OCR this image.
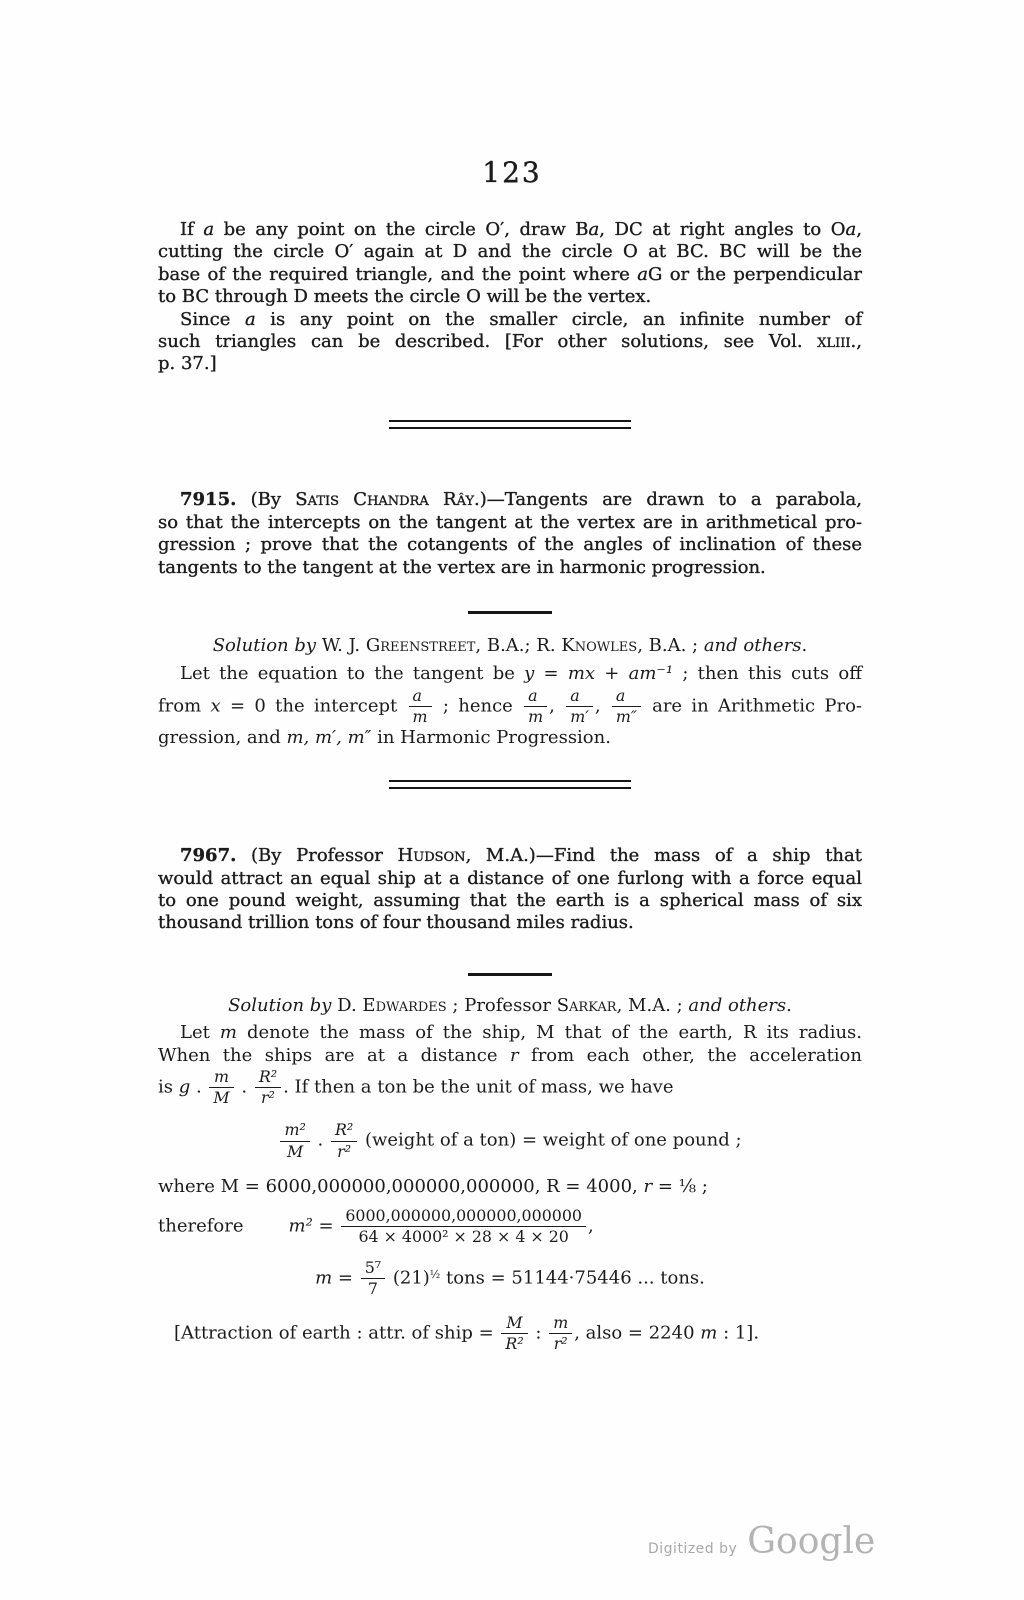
123
If a be any point on the circle O′, draw Ba, DC at right angles to Oa,
cutting the circle O′ again at D and the circle O at BC. BC will be the
base of the required triangle, and the point where aG or the perpendicular
to BC through D meets the circle O will be the vertex.
Since a is any point on the smaller circle, an infinite number of
such triangles can be described. [For other solutions, see Vol. xliii.,
p. 37.]
7915. (By Satis Chandra Rây.)—Tangents are drawn to a parabola,
so that the intercepts on the tangent at the vertex are in arithmetical pro-
gression ; prove that the cotangents of the angles of inclination of these
tangents to the tangent at the vertex are in harmonic progression.
Solution by W. J. Greenstreet, B.A.; R. Knowles, B.A. ; and others.
Let the equation to the tangent be y = mx + am⁻¹ ; then this cuts off
from x = 0 the intercept $\frac{a}{m}$ ; hence $\frac{a}{m}$ , $\frac{a}{m'}$ , $\frac{a}{m''}$ are in Arithmetic Pro-
gression, and m, m′, m″ in Harmonic Progression.
7967. (By Professor Hudson, M.A.)—Find the mass of a ship that
would attract an equal ship at a distance of one furlong with a force equal
to one pound weight, assuming that the earth is a spherical mass of six
thousand trillion tons of four thousand miles radius.
Solution by D. Edwardes ; Professor Sarkar, M.A. ; and others.
Let m denote the mass of the ship, M that of the earth, R its radius.
When the ships are at a distance r from each other, the acceleration
is g . $\frac{m}{M}$ . $\frac{\text{R²}}{\text{r²}}$ . If then a ton be the unit of mass, we have
$\frac{\text{m²}}{M}$ . $\frac{\text{R²}}{\text{r²}}$ (weight of a ton) = weight of one pound ;
where M = 6000,000000,000000,000000, R = 4000, r = ⅛ ;
therefore   	$m^2 = \frac{6000,000000,000000,000000}{\text{64 × 4000² × 28 × 4 × 20}}$ ,
$m = \frac{\text{5⁷}}{7} (21)^{\frac{1}{2}}$ tons = 51144·75446 ... tons.
[Attraction of earth : attr. of ship = $\frac{M}{\text{R²}}$ : $\frac{m}{\text{r²}}$ , also = 2240 m : 1].
Digitized by Google
